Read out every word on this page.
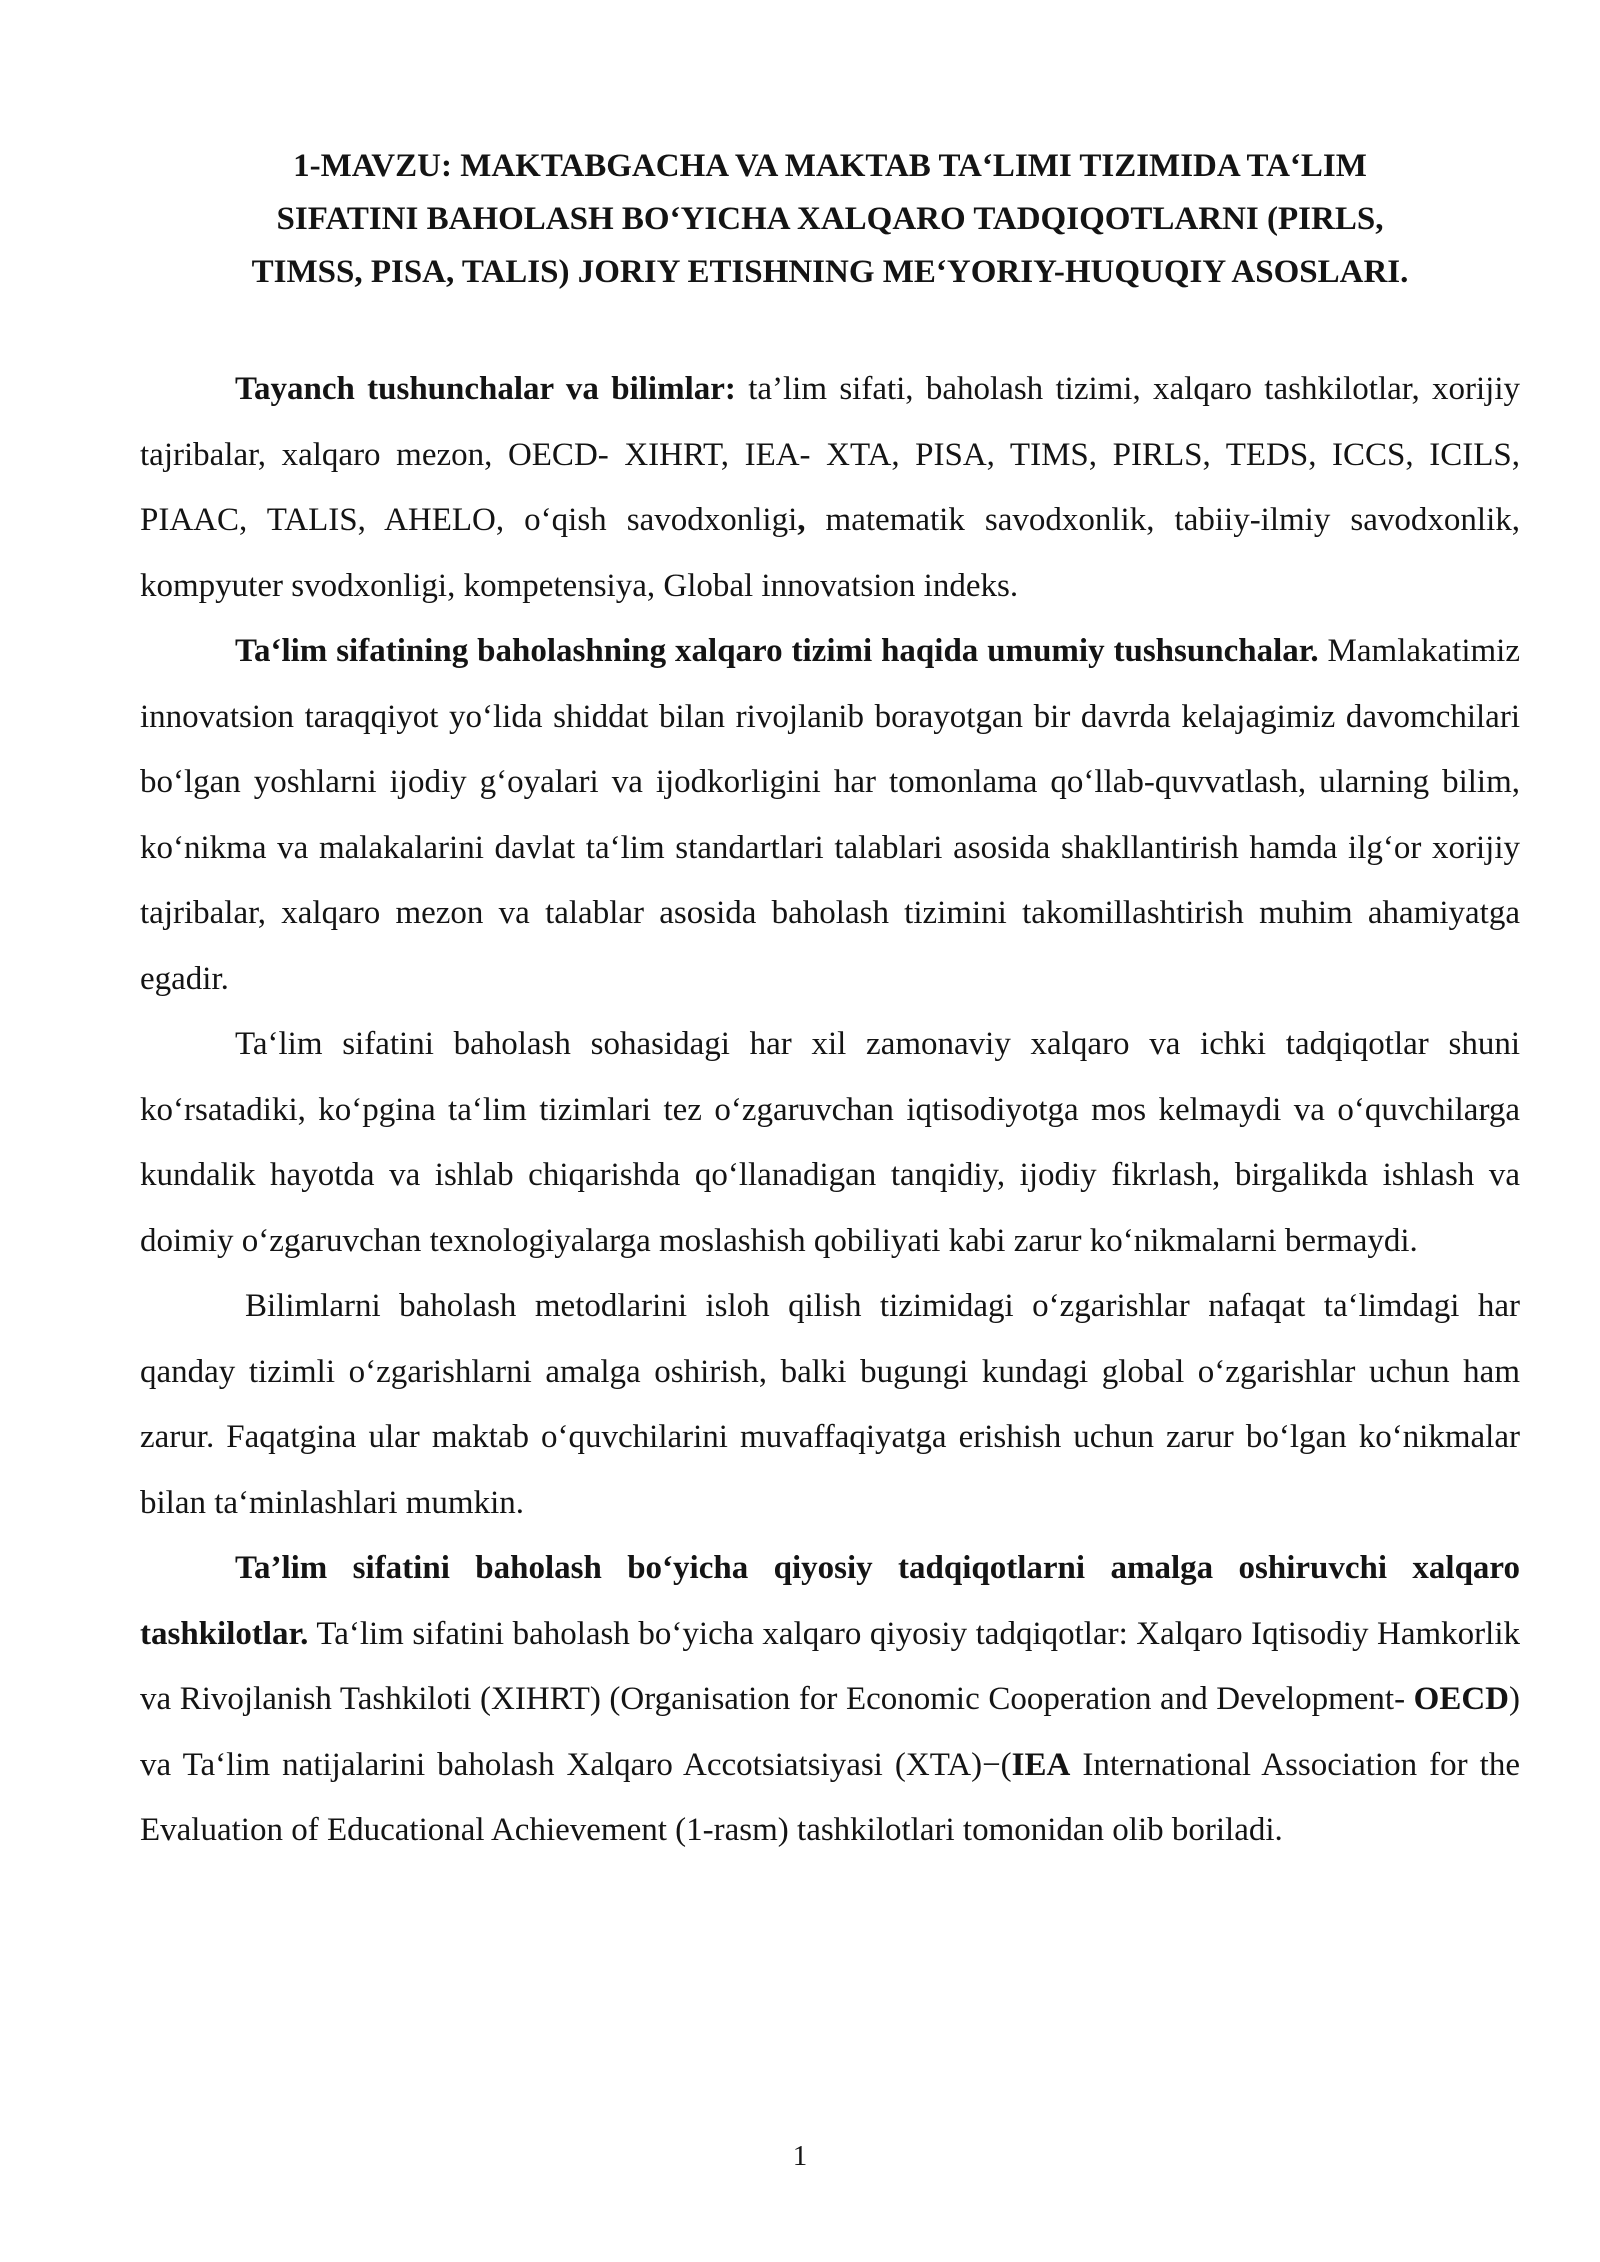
1-MAVZU: MAKTABGACHA VA MAKTAB TA‘LIMI TIZIMIDA TA‘LIM
SIFATINI BAHOLASH BO‘YICHA XALQARO TADQIQOTLARNI (PIRLS,
TIMSS, PISA, TALIS) JORIY ETISHNING ME‘YORIY-HUQUQIY ASOSLARI.

Tayanch tushunchalar va bilimlar: ta’lim sifati, baholash tizimi, xalqaro tashkilotlar, xorijiy tajribalar, xalqaro mezon, OECD- XIHRT, IEA- XTA, PISA, TIMS, PIRLS, TEDS, ICCS, ICILS, PIAAC, TALIS, AHELO, o‘qish savodxonligi, matematik savodxonlik, tabiiy-ilmiy savodxonlik, kompyuter svodxonligi, kompetensiya, Global innovatsion indeks.

Ta‘lim sifatining baholashning xalqaro tizimi haqida umumiy tushsunchalar. Mamlakatimiz innovatsion taraqqiyot yo‘lida shiddat bilan rivojlanib borayotgan bir davrda kelajagimiz davomchilari bo‘lgan yoshlarni ijodiy g‘oyalari va ijodkorligini har tomonlama qo‘llab-quvvatlash, ularning bilim, ko‘nikma va malakalarini davlat ta‘lim standartlari talablari asosida shakllantirish hamda ilg‘or xorijiy tajribalar, xalqaro mezon va talablar asosida baholash tizimini takomillashtirish muhim ahamiyatga egadir.

Ta‘lim sifatini baholash sohasidagi har xil zamonaviy xalqaro va ichki tadqiqotlar shuni ko‘rsatadiki, ko‘pgina ta‘lim tizimlari tez o‘zgaruvchan iqtisodiyotga mos kelmaydi va o‘quvchilarga kundalik hayotda va ishlab chiqarishda qo‘llanadigan tanqidiy, ijodiy fikrlash, birgalikda ishlash va doimiy o‘zgaruvchan texnologiyalarga moslashish qobiliyati kabi zarur ko‘nikmalarni bermaydi.

Bilimlarni baholash metodlarini isloh qilish tizimidagi o‘zgarishlar nafaqat ta‘limdagi har qanday tizimli o‘zgarishlarni amalga oshirish, balki bugungi kundagi global o‘zgarishlar uchun ham zarur. Faqatgina ular maktab o‘quvchilarini muvaffaqiyatga erishish uchun zarur bo‘lgan ko‘nikmalar bilan ta‘minlashlari mumkin.

Ta’lim sifatini baholash bo‘yicha qiyosiy tadqiqotlarni amalga oshiruvchi xalqaro tashkilotlar. Ta‘lim sifatini baholash bo‘yicha xalqaro qiyosiy tadqiqotlar: Xalqaro Iqtisodiy Hamkorlik va Rivojlanish Tashkiloti (XIHRT) (Organisation for Economic Cooperation and Development- OECD) va Ta‘lim natijalarini baholash Xalqaro Accotsiatsiyasi (XTA)−(IEA International Association for the Evaluation of Educational Achievement (1-rasm) tashkilotlari tomonidan olib boriladi.

1
